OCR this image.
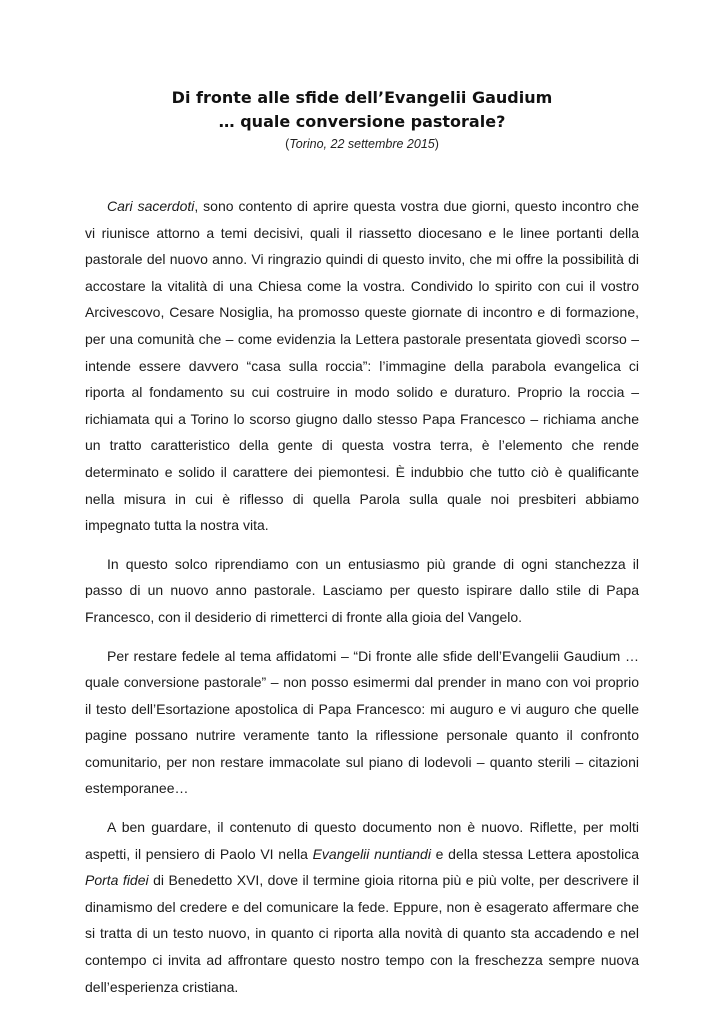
Di fronte alle sfide dell’Evangelii Gaudium
… quale conversione pastorale?
(Torino, 22 settembre 2015)

Cari sacerdoti, sono contento di aprire questa vostra due giorni, questo incontro che vi riunisce attorno a temi decisivi, quali il riassetto diocesano e le linee portanti della pastorale del nuovo anno. Vi ringrazio quindi di questo invito, che mi offre la possibilità di accostare la vitalità di una Chiesa come la vostra. Condivido lo spirito con cui il vostro Arcivescovo, Cesare Nosiglia, ha promosso queste giornate di incontro e di formazione, per una comunità che – come evidenzia la Lettera pastorale presentata giovedì scorso – intende essere davvero “casa sulla roccia”: l’immagine della parabola evangelica ci riporta al fondamento su cui costruire in modo solido e duraturo. Proprio la roccia – richiamata qui a Torino lo scorso giugno dallo stesso Papa Francesco – richiama anche un tratto caratteristico della gente di questa vostra terra, è l’elemento che rende determinato e solido il carattere dei piemontesi. È indubbio che tutto ciò è qualificante nella misura in cui è riflesso di quella Parola sulla quale noi presbiteri abbiamo impegnato tutta la nostra vita.

In questo solco riprendiamo con un entusiasmo più grande di ogni stanchezza il passo di un nuovo anno pastorale. Lasciamo per questo ispirare dallo stile di Papa Francesco, con il desiderio di rimetterci di fronte alla gioia del Vangelo.

Per restare fedele al tema affidatomi – “Di fronte alle sfide dell’Evangelii Gaudium … quale conversione pastorale” – non posso esimermi dal prender in mano con voi proprio il testo dell’Esortazione apostolica di Papa Francesco: mi auguro e vi auguro che quelle pagine possano nutrire veramente tanto la riflessione personale quanto il confronto comunitario, per non restare immacolate sul piano di lodevoli – quanto sterili – citazioni estemporanee…

A ben guardare, il contenuto di questo documento non è nuovo. Riflette, per molti aspetti, il pensiero di Paolo VI nella Evangelii nuntiandi e della stessa Lettera apostolica Porta fidei di Benedetto XVI, dove il termine gioia ritorna più e più volte, per descrivere il dinamismo del credere e del comunicare la fede. Eppure, non è esagerato affermare che si tratta di un testo nuovo, in quanto ci riporta alla novità di quanto sta accadendo e nel contempo ci invita ad affrontare questo nostro tempo con la freschezza sempre nuova dell’esperienza cristiana.
